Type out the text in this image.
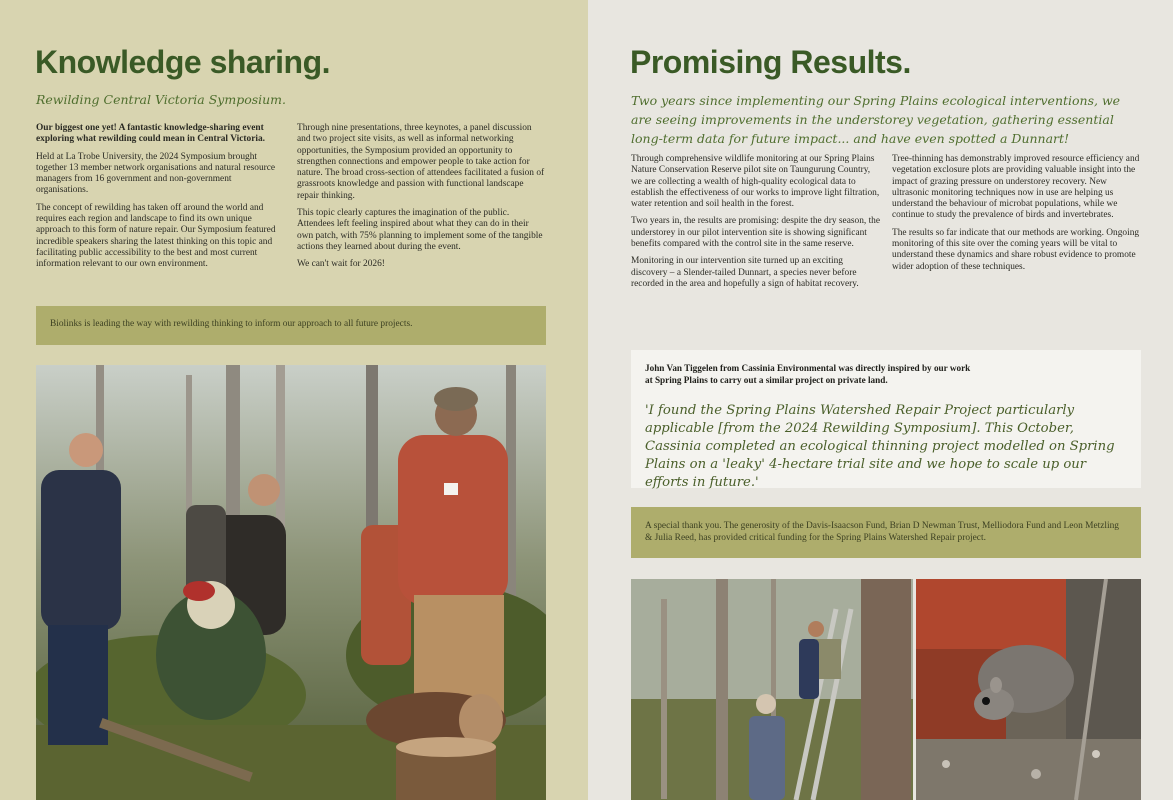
Knowledge sharing.
Rewilding Central Victoria Symposium.

Our biggest one yet! A fantastic knowledge-sharing event exploring what rewilding could mean in Central Victoria.

Held at La Trobe University, the 2024 Symposium brought together 13 member network organisations and natural resource managers from 16 government and non-government organisations.

The concept of rewilding has taken off around the world and requires each region and landscape to find its own unique approach to this form of nature repair. Our Symposium featured incredible speakers sharing the latest thinking on this topic and facilitating public accessibility to the best and most current information relevant to our own environment.

Through nine presentations, three keynotes, a panel discussion and two project site visits, as well as informal networking opportunities, the Symposium provided an opportunity to strengthen connections and empower people to take action for nature. The broad cross-section of attendees facilitated a fusion of grassroots knowledge and passion with functional landscape repair thinking.

This topic clearly captures the imagination of the public. Attendees left feeling inspired about what they can do in their own patch, with 75% planning to implement some of the tangible actions they learned about during the event.

We can't wait for 2026!

Biolinks is leading the way with rewilding thinking to inform our approach to all future projects.
Promising Results.
Two years since implementing our Spring Plains ecological interventions, we are seeing improvements in the understorey vegetation, gathering essential long-term data for future impact... and have even spotted a Dunnart!

Through comprehensive wildlife monitoring at our Spring Plains Nature Conservation Reserve pilot site on Taungurung Country, we are collecting a wealth of high-quality ecological data to establish the effectiveness of our works to improve light filtration, water retention and soil health in the forest.

Two years in, the results are promising: despite the dry season, the understorey in our pilot intervention site is showing significant benefits compared with the control site in the same reserve.

Monitoring in our intervention site turned up an exciting discovery – a Slender-tailed Dunnart, a species never before recorded in the area and hopefully a sign of habitat recovery.

Tree-thinning has demonstrably improved resource efficiency and vegetation exclosure plots are providing valuable insight into the impact of grazing pressure on understorey recovery. New ultrasonic monitoring techniques now in use are helping us understand the behaviour of microbat populations, while we continue to study the prevalence of birds and invertebrates.

The results so far indicate that our methods are working. Ongoing monitoring of this site over the coming years will be vital to understand these dynamics and share robust evidence to promote wider adoption of these techniques.

John Van Tiggelen from Cassinia Environmental was directly inspired by our work at Spring Plains to carry out a similar project on private land.
'I found the Spring Plains Watershed Repair Project particularly applicable [from the 2024 Rewilding Symposium]. This October, Cassinia completed an ecological thinning project modelled on Spring Plains on a 'leaky' 4-hectare trial site and we hope to scale up our efforts in future.'
A special thank you. The generosity of the Davis-Isaacson Fund, Brian D Newman Trust, Melliodora Fund and Leon Metzling & Julia Reed, has provided critical funding for the Spring Plains Watershed Repair project.
